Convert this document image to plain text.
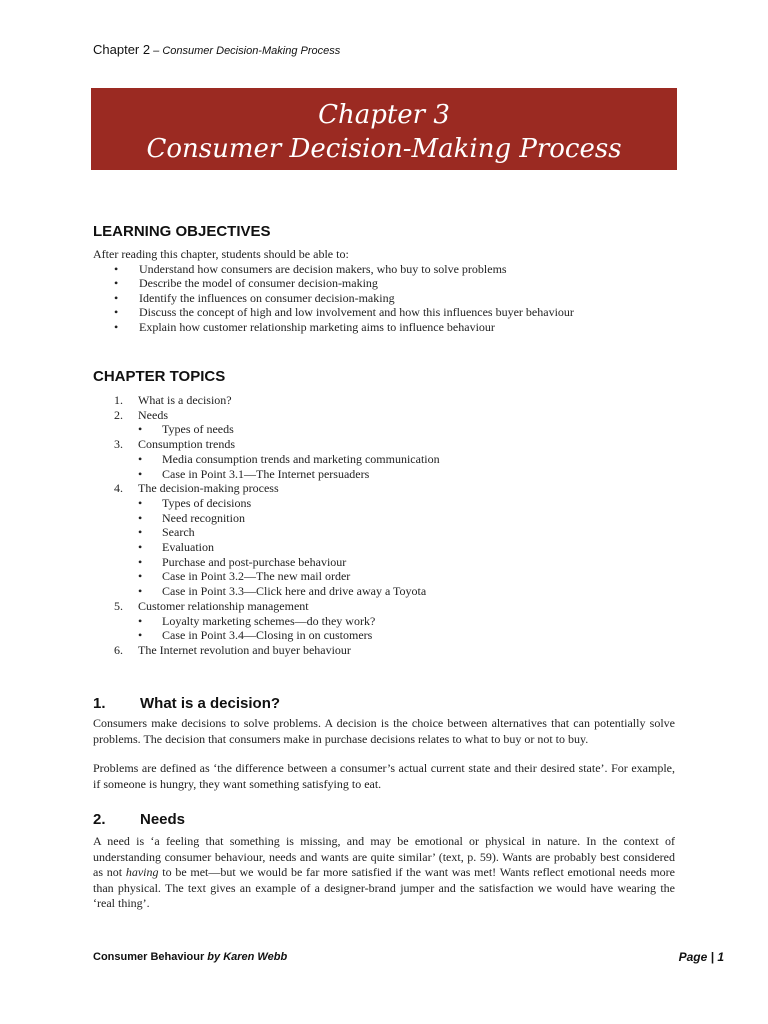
Chapter 2 – Consumer Decision-Making Process
Chapter 3
Consumer Decision-Making Process
LEARNING OBJECTIVES
After reading this chapter, students should be able to:
• Understand how consumers are decision makers, who buy to solve problems
• Describe the model of consumer decision-making
• Identify the influences on consumer decision-making
• Discuss the concept of high and low involvement and how this influences buyer behaviour
• Explain how customer relationship marketing aims to influence behaviour
CHAPTER TOPICS
1. What is a decision?
2. Needs
• Types of needs
3. Consumption trends
• Media consumption trends and marketing communication
• Case in Point 3.1—The Internet persuaders
4. The decision-making process
• Types of decisions
• Need recognition
• Search
• Evaluation
• Purchase and post-purchase behaviour
• Case in Point 3.2—The new mail order
• Case in Point 3.3—Click here and drive away a Toyota
5. Customer relationship management
• Loyalty marketing schemes—do they work?
• Case in Point 3.4—Closing in on customers
6. The Internet revolution and buyer behaviour
1. What is a decision?
Consumers make decisions to solve problems. A decision is the choice between alternatives that can potentially solve problems. The decision that consumers make in purchase decisions relates to what to buy or not to buy.
Problems are defined as ‘the difference between a consumer’s actual current state and their desired state’. For example, if someone is hungry, they want something satisfying to eat.
2. Needs
A need is ‘a feeling that something is missing, and may be emotional or physical in nature. In the context of understanding consumer behaviour, needs and wants are quite similar’ (text, p. 59). Wants are probably best considered as not having to be met—but we would be far more satisfied if the want was met! Wants reflect emotional needs more than physical. The text gives an example of a designer-brand jumper and the satisfaction we would have wearing the ‘real thing’.
Consumer Behaviour by Karen Webb	Page | 1
